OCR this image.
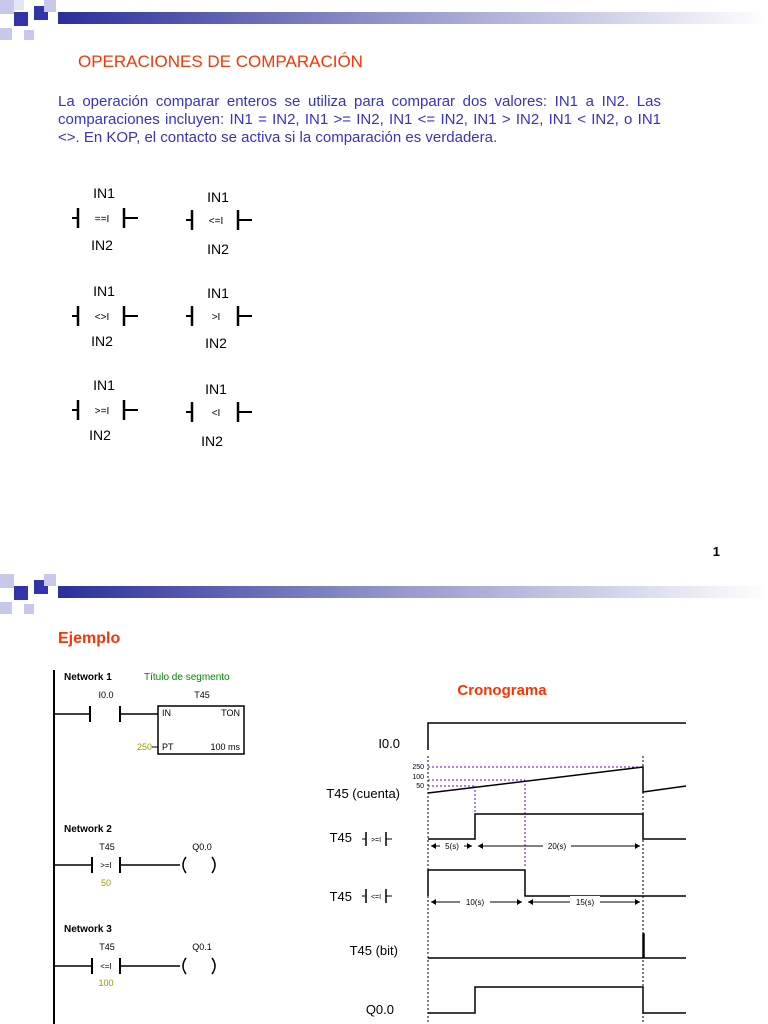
OPERACIONES DE COMPARACIÓN
La operación comparar enteros se utiliza para comparar dos valores: IN1 a IN2. Las comparaciones incluyen: IN1 = IN2, IN1 >= IN2, IN1 <= IN2, IN1 > IN2, IN1 < IN2, o IN1 <>. En KOP, el contacto se activa si la comparación es verdadera.
IN1
==I
IN2
IN1
<=I
IN2
IN1
<>I
IN2
IN1
>I
IN2
IN1
>=I
IN2
IN1
<I
IN2
1
Ejemplo
Network 1	Título de segmento
I0.0	T45
IN	TON
PT	100 ms
250
Network 2
T45
>=I
50
Q0.0
Network 3
T45
<=I
100
Q0.1
Cronograma
I0.0
T45 (cuenta)
250
100
50
T45	>=I
5(s)	20(s)
T45	<=I
10(s)	15(s)
T45 (bit)
Q0.0
